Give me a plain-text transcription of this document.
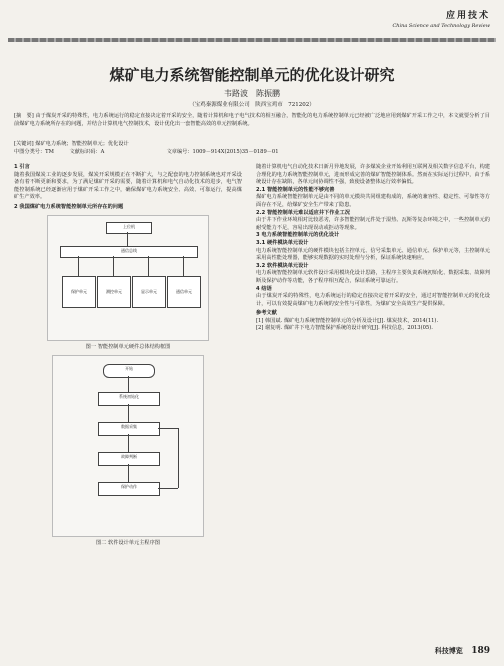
应用技术
China Science and Technology Review
煤矿电力系统智能控制单元的优化设计研究
韦路波　陈振鹏
（宝鸡秦源煤业有限公司　陕西宝鸡市　721202）
[摘　要] 由于煤炭开采的特殊性，电力系统运行的稳定直接决定着开采的安全，随着计算机和电子电气技术的相互融合，智能化的电力系统控制单元已经被广泛地应用到煤矿开采工作之中，本文就要分析了目前煤矿电力系统所存在的问题，并结合计算机电气控制技术，设计优化出一套智能高效的单元控制系统。
[关键词] 煤矿电力系统；智能控制单元；优化设计
中图分类号：TM　　　文献标识码：A　　　　　　　　　　　　文章编号：1009－914X(2015)35－0189－01
1 引言
随着我国煤炭工业的逐步发展，煤炭开采规模正在不断扩大，与之配套的电力控制系统也对开采设备有着不断更新和要求，为了满足煤矿开采的需要，随着计算机和电气自动化技术的进步，电气智能控制系统已经逐渐应用于煤矿开采工作之中，确保煤矿电力系统安全、高效、可靠运行，提高煤矿生产效率。
2 我国煤矿电力系统智能控制单元所存在的问题
上位机
通信总线
保护单元	测控单元	显示单元	通信单元
图一 智能控制单元硬件总体结构框图
开始
系统初始化
数据采集
故障判断
保护动作
图二 软件设计单元主程序图
随着计算机电气自动化技术日新月异地发展，许多煤炭企业开始利用互联网及相关数字信息平台，构建合理化的电力系统智能控制单元，进而形成完善的煤矿智能控制体系。然而在实际运行过程中，由于系统设计存在缺陷，各单元间协调性不强，致使设备整体运行效率偏低。
2.1 智能控制单元的性能不够完善
煤矿电力系统智能控制单元是由不同的单元模块共同组建构成的，系统的兼容性、稳定性、可靠性等方面存在不足，给煤矿安全生产带来了隐患。
2.2 智能控制单元难以适应井下作业工况
由于井下作业环境相对比较恶劣，许多智能控制元件处于湿热、瓦斯等复杂环境之中，一些控制单元的耐受能力不足，容易出现误动或拒动等现象。
3 电力系统智能控制单元的优化设计
3.1 硬件模块单元设计
电力系统智能控制单元的硬件模块包括主控单元、信号采集单元、通信单元、保护单元等，主控制单元采用高性能处理器，能够实现数据的实时处理与分析，保证系统快速响应。
3.2 软件模块单元设计
电力系统智能控制单元软件设计采用模块化设计思路，主程序主要负责系统初始化、数据采集、故障判断及保护动作等功能，各子程序相互配合，保证系统可靠运行。
4 结语
由于煤炭开采的特殊性，电力系统运行的稳定直接决定着开采的安全，通过对智能控制单元的优化设计，可以有效提高煤矿电力系统的安全性与可靠性，为煤矿安全高效生产提供保障。
参考文献
[1] 韩国斌. 煤矿电力系统智能控制单元的分析及设计[J]. 煤炭技术，2014(11).
[2] 谢复明. 煤矿井下电力智能保护系统的设计研究[J]. 科技信息，2013(05).
科技博览 189
